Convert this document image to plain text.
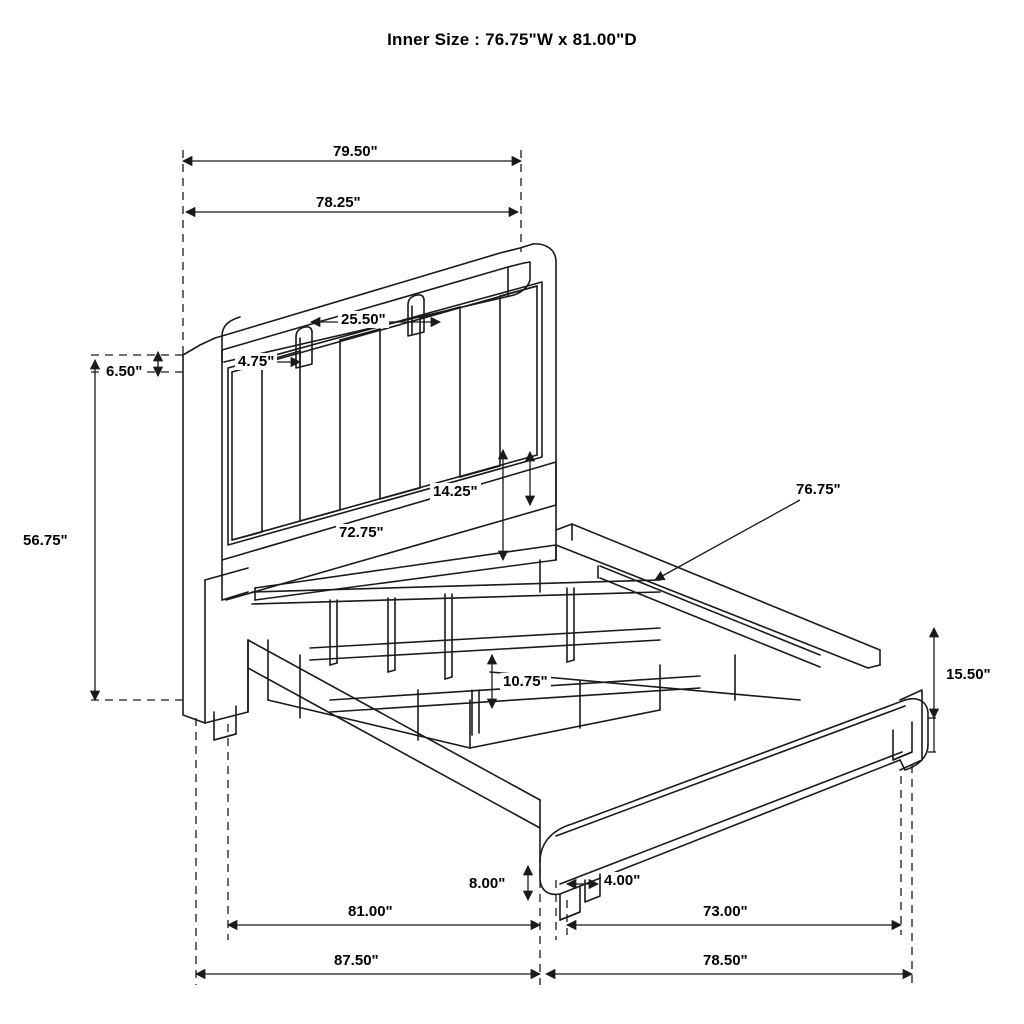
Inner Size : 76.75"W x 81.00"D
79.50"
78.25"
25.50"
4.75"
6.50"
56.75"
14.25"
72.75"
10.75"
76.75"
15.50"
8.00"	4.00"
81.00"	73.00"
87.50"	78.50"
